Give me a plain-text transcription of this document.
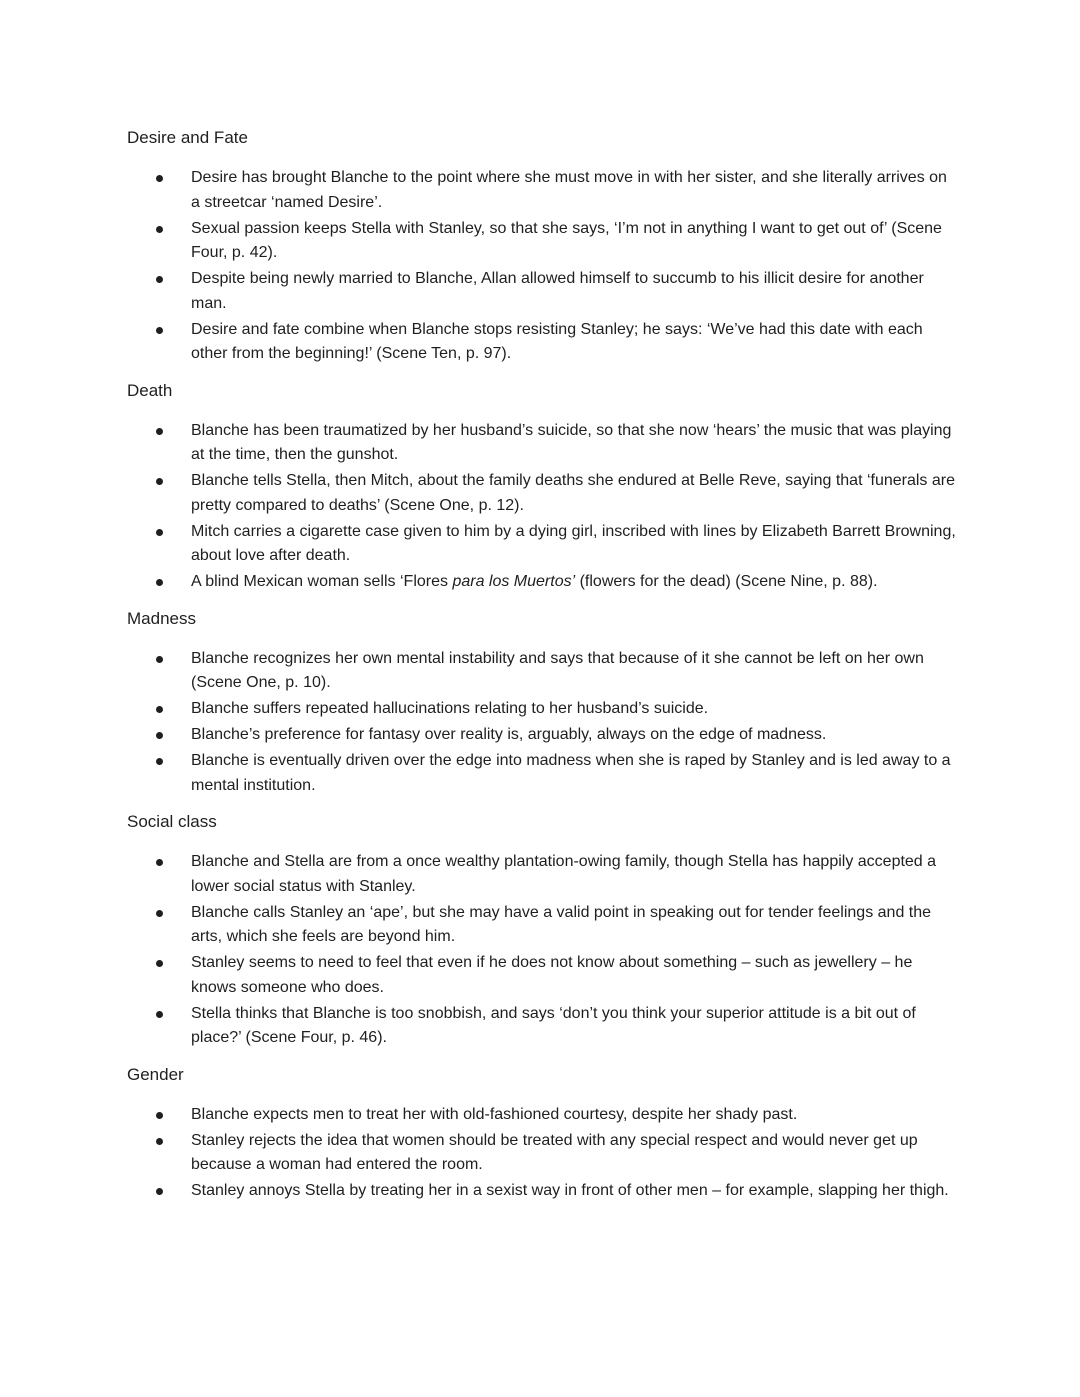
Desire and Fate
Desire has brought Blanche to the point where she must move in with her sister, and she literally arrives on a streetcar ‘named Desire’.
Sexual passion keeps Stella with Stanley, so that she says, ‘I’m not in anything I want to get out of’ (Scene Four, p. 42).
Despite being newly married to Blanche, Allan allowed himself to succumb to his illicit desire for another man.
Desire and fate combine when Blanche stops resisting Stanley; he says: ‘We’ve had this date with each other from the beginning!’ (Scene Ten, p. 97).
Death
Blanche has been traumatized by her husband’s suicide, so that she now ‘hears’ the music that was playing at the time, then the gunshot.
Blanche tells Stella, then Mitch, about the family deaths she endured at Belle Reve, saying that ‘funerals are pretty compared to deaths’ (Scene One, p. 12).
Mitch carries a cigarette case given to him by a dying girl, inscribed with lines by Elizabeth Barrett Browning, about love after death.
A blind Mexican woman sells ‘Flores para los Muertos’ (flowers for the dead) (Scene Nine, p. 88).
Madness
Blanche recognizes her own mental instability and says that because of it she cannot be left on her own (Scene One, p. 10).
Blanche suffers repeated hallucinations relating to her husband’s suicide.
Blanche’s preference for fantasy over reality is, arguably, always on the edge of madness.
Blanche is eventually driven over the edge into madness when she is raped by Stanley and is led away to a mental institution.
Social class
Blanche and Stella are from a once wealthy plantation-owing family, though Stella has happily accepted a lower social status with Stanley.
Blanche calls Stanley an ‘ape’, but she may have a valid point in speaking out for tender feelings and the arts, which she feels are beyond him.
Stanley seems to need to feel that even if he does not know about something – such as jewellery – he knows someone who does.
Stella thinks that Blanche is too snobbish, and says ‘don’t you think your superior attitude is a bit out of place?’ (Scene Four, p. 46).
Gender
Blanche expects men to treat her with old-fashioned courtesy, despite her shady past.
Stanley rejects the idea that women should be treated with any special respect and would never get up because a woman had entered the room.
Stanley annoys Stella by treating her in a sexist way in front of other men – for example, slapping her thigh.
